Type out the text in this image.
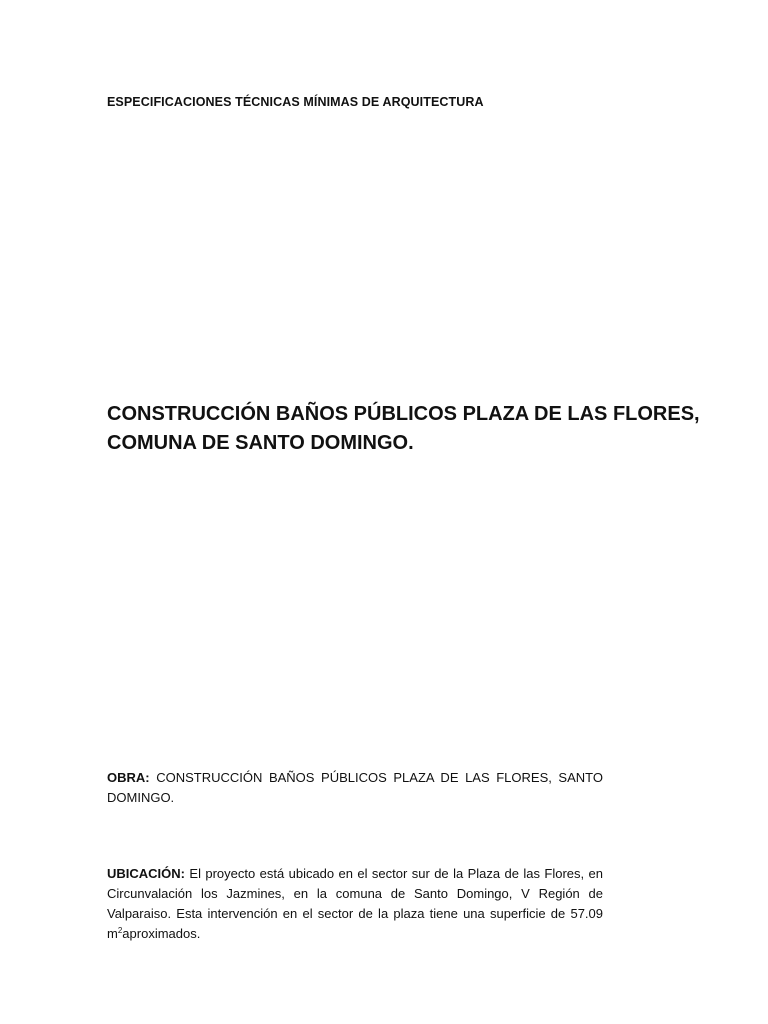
ESPECIFICACIONES TÉCNICAS MÍNIMAS DE ARQUITECTURA
CONSTRUCCIÓN BAÑOS PÚBLICOS PLAZA DE LAS FLORES,
COMUNA DE SANTO DOMINGO.

OBRA: CONSTRUCCIÓN BAÑOS PÚBLICOS PLAZA DE LAS FLORES, SANTO DOMINGO.

UBICACIÓN: El proyecto está ubicado en el sector sur de la Plaza de las Flores, en Circunvalación los Jazmines, en la comuna de Santo Domingo, V Región de Valparaiso. Esta intervención en el sector de la plaza tiene una superficie de 57.09 $m^2aproximados$.
